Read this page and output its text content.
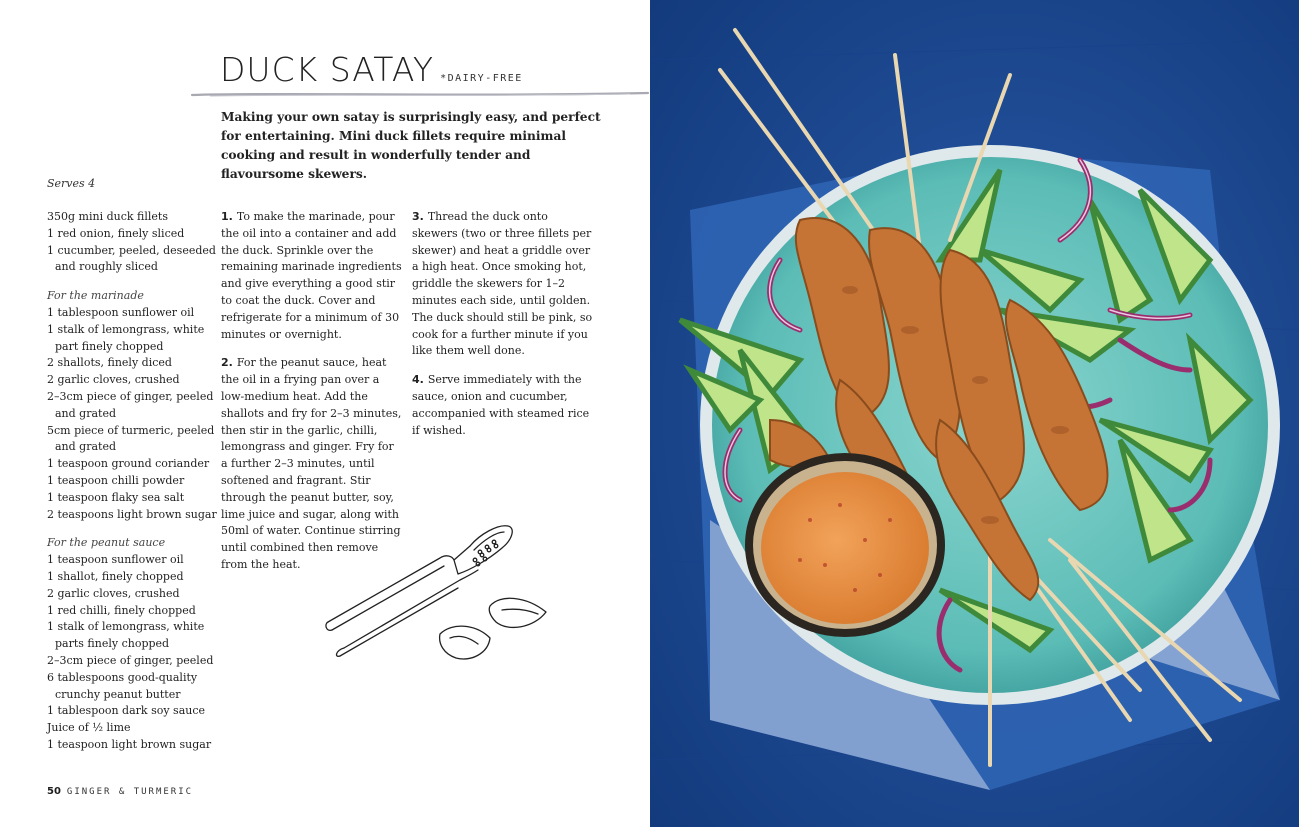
DUCK SATAY *DAIRY-FREE
Making your own satay is surprisingly easy, and perfect for entertaining. Mini duck fillets require minimal cooking and result in wonderfully tender and flavoursome skewers.
Serves 4
350g mini duck fillets
1 red onion, finely sliced
1 cucumber, peeled, deseeded and roughly sliced
For the marinade
1 tablespoon sunflower oil
1 stalk of lemongrass, white part finely chopped
2 shallots, finely diced
2 garlic cloves, crushed
2–3cm piece of ginger, peeled and grated
5cm piece of turmeric, peeled and grated
1 teaspoon ground coriander
1 teaspoon chilli powder
1 teaspoon flaky sea salt
2 teaspoons light brown sugar
For the peanut sauce
1 teaspoon sunflower oil
1 shallot, finely chopped
2 garlic cloves, crushed
1 red chilli, finely chopped
1 stalk of lemongrass, white parts finely chopped
2–3cm piece of ginger, peeled
6 tablespoons good-quality crunchy peanut butter
1 tablespoon dark soy sauce
Juice of ½ lime
1 teaspoon light brown sugar
1. To make the marinade, pour the oil into a container and add the duck. Sprinkle over the remaining marinade ingredients and give everything a good stir to coat the duck. Cover and refrigerate for a minimum of 30 minutes or overnight.
2. For the peanut sauce, heat the oil in a frying pan over a low-medium heat. Add the shallots and fry for 2–3 minutes, then stir in the garlic, chilli, lemongrass and ginger. Fry for a further 2–3 minutes, until softened and fragrant. Stir through the peanut butter, soy, lime juice and sugar, along with 50ml of water. Continue stirring until combined then remove from the heat.
3. Thread the duck onto skewers (two or three fillets per skewer) and heat a griddle over a high heat. Once smoking hot, griddle the skewers for 1–2 minutes each side, until golden. The duck should still be pink, so cook for a further minute if you like them well done.
4. Serve immediately with the sauce, onion and cucumber, accompanied with steamed rice if wished.
50 GINGER & TURMERIC
